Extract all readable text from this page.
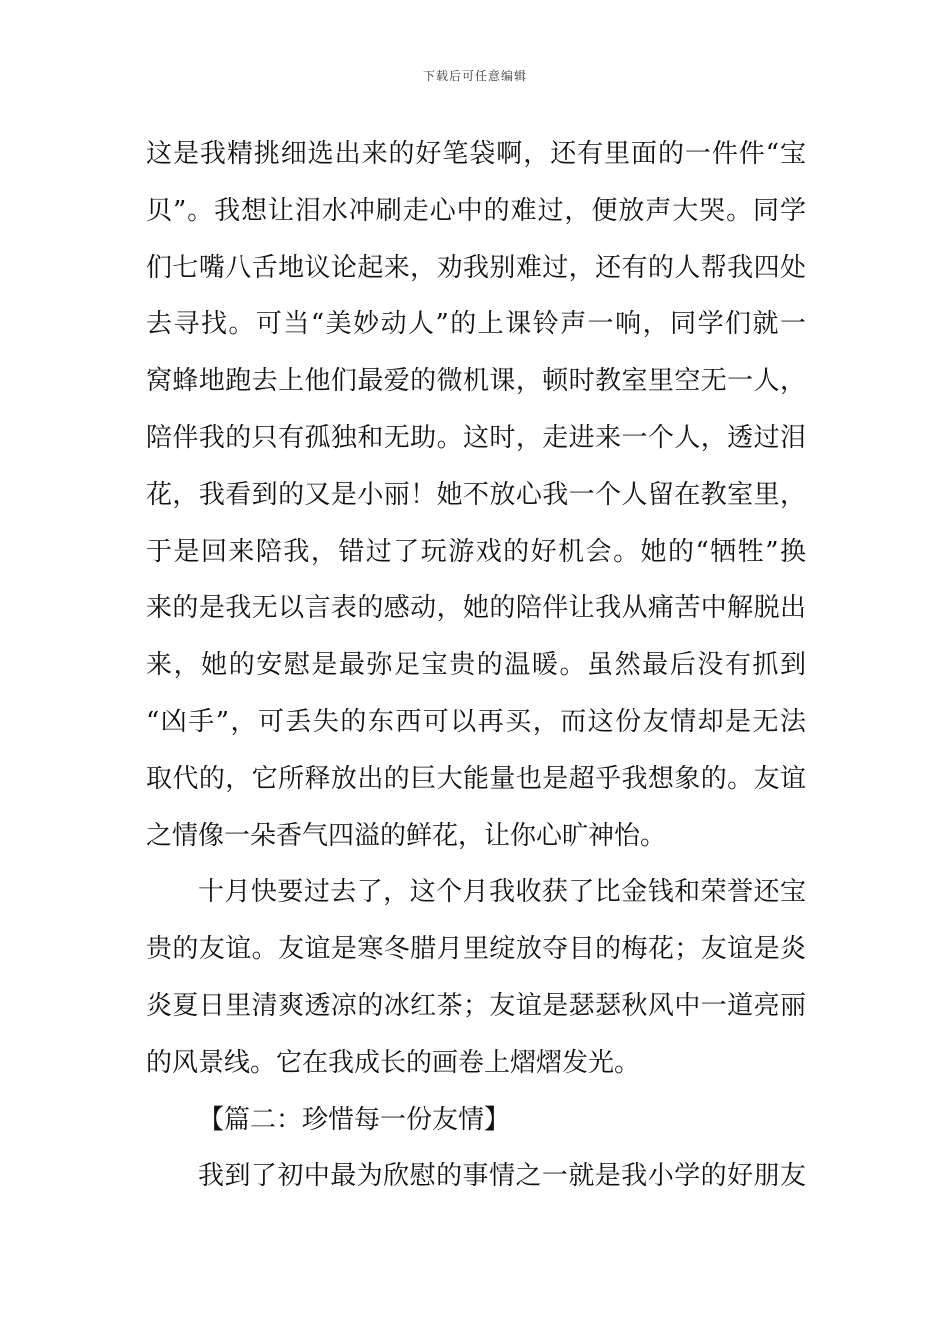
下载后可任意编辑
这是我精挑细选出来的好笔袋啊，还有里面的一件件“宝
贝”。我想让泪水冲刷走心中的难过，便放声大哭。同学
们七嘴八舌地议论起来，劝我别难过，还有的人帮我四处
去寻找。可当“美妙动人”的上课铃声一响，同学们就一
窝蜂地跑去上他们最爱的微机课，顿时教室里空无一人，
陪伴我的只有孤独和无助。这时，走进来一个人，透过泪
花，我看到的又是小丽！她不放心我一个人留在教室里，
于是回来陪我，错过了玩游戏的好机会。她的“牺牲”换
来的是我无以言表的感动，她的陪伴让我从痛苦中解脱出
来，她的安慰是最弥足宝贵的温暖。虽然最后没有抓到
“凶手”，可丢失的东西可以再买，而这份友情却是无法
取代的，它所释放出的巨大能量也是超乎我想象的。友谊
之情像一朵香气四溢的鲜花，让你心旷神怡。
十月快要过去了，这个月我收获了比金钱和荣誉还宝
贵的友谊。友谊是寒冬腊月里绽放夺目的梅花；友谊是炎
炎夏日里清爽透凉的冰红茶；友谊是瑟瑟秋风中一道亮丽
的风景线。它在我成长的画卷上熠熠发光。
【篇二：珍惜每一份友情】
我到了初中最为欣慰的事情之一就是我小学的好朋友
